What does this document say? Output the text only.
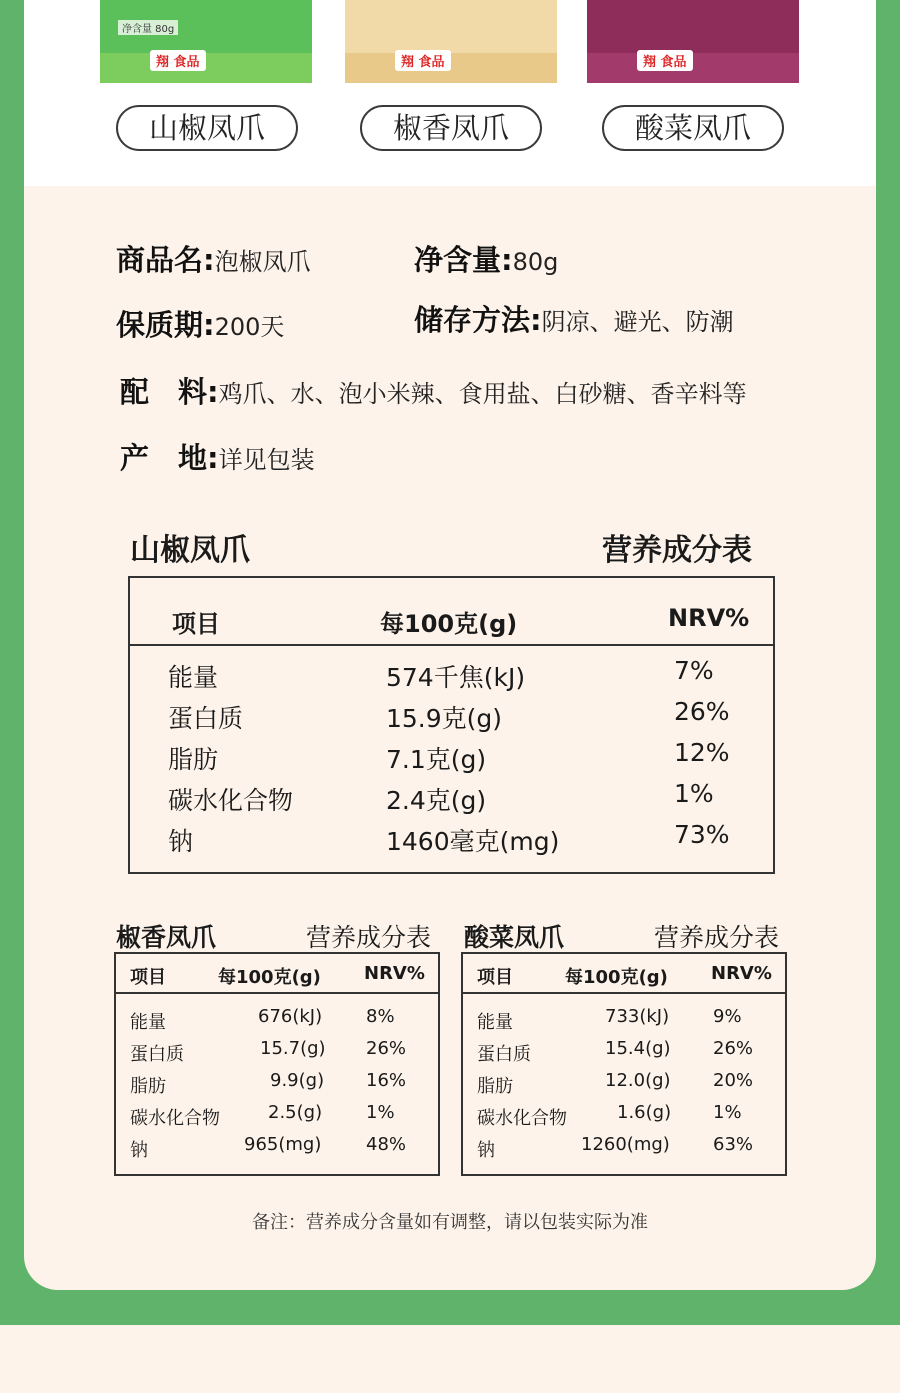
净含量 80g
翔 食品	翔 食品	翔 食品
山椒凤爪	椒香凤爪	酸菜凤爪
商品名:泡椒凤爪	净含量:80g
保质期:200天	储存方法:阴凉、避光、防潮
配　料:鸡爪、水、泡小米辣、食用盐、白砂糖、香辛料等
产　地:详见包装
山椒凤爪	营养成分表
项目	每100克(g)	NRV%
能量	574千焦(kJ)	7%
蛋白质	15.9克(g)	26%
脂肪	7.1克(g)	12%
碳水化合物	2.4克(g)	1%
钠	1460毫克(mg)	73%
椒香凤爪	营养成分表
项目	每100克(g) NRV%
能量	676(kJ) 8%
蛋白质	15.7(g) 26%
脂肪	9.9(g) 16%
碳水化合物	2.5(g) 1%
钠	965(mg) 48%
酸菜凤爪	营养成分表
项目	每100克(g) NRV%
能量	733(kJ) 9%
蛋白质	15.4(g) 26%
脂肪	12.0(g) 20%
碳水化合物	1.6(g) 1%
钠	1260(mg) 63%
备注：营养成分含量如有调整，请以包装实际为准
